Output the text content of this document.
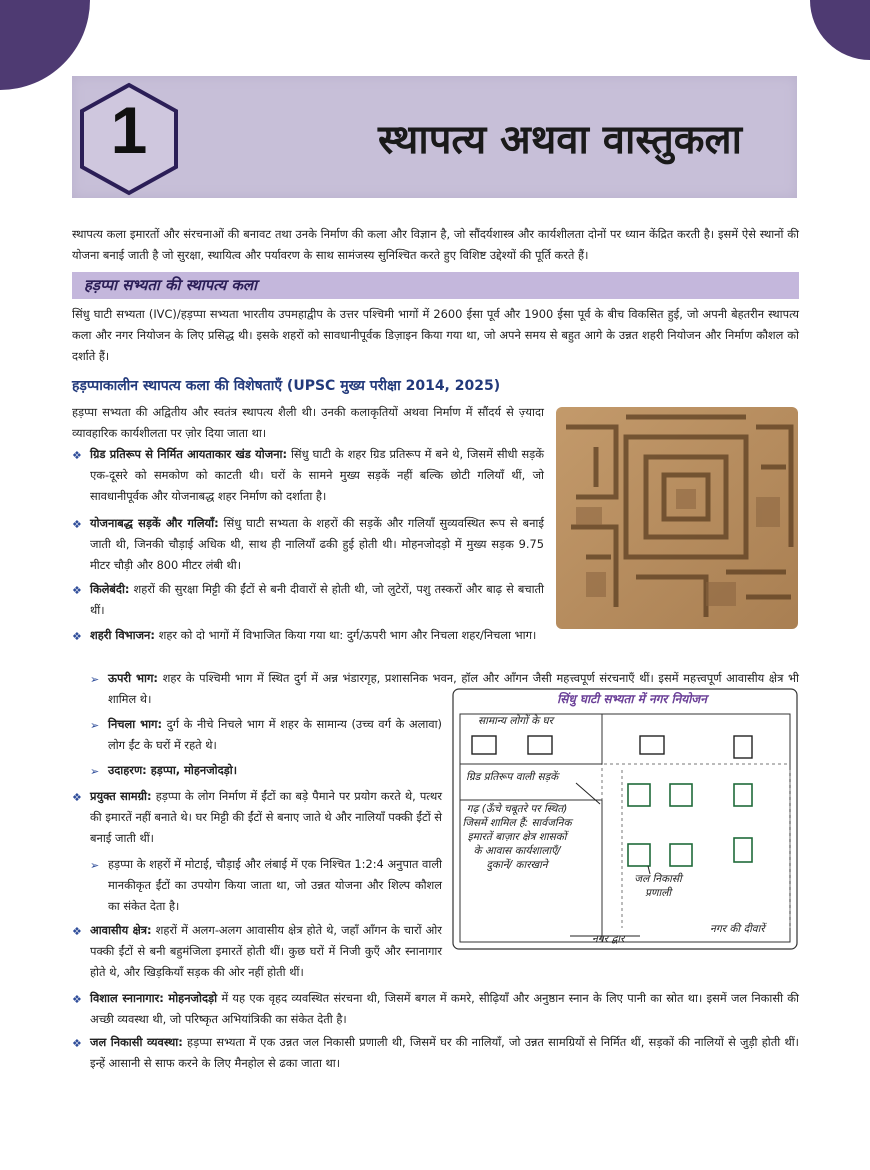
1	स्थापत्य अथवा वास्तुकला
स्थापत्य कला इमारतों और संरचनाओं की बनावट तथा उनके निर्माण की कला और विज्ञान है, जो सौंदर्यशास्त्र और कार्यशीलता दोनों पर ध्यान केंद्रित करती है। इसमें ऐसे स्थानों की योजना बनाई जाती है जो सुरक्षा, स्थायित्व और पर्यावरण के साथ सामंजस्य सुनिश्चित करते हुए विशिष्ट उद्देश्यों की पूर्ति करते हैं।
हड़प्पा सभ्यता की स्थापत्य कला
सिंधु घाटी सभ्यता (IVC)/हड़प्पा सभ्यता भारतीय उपमहाद्वीप के उत्तर पश्चिमी भागों में 2600 ईसा पूर्व और 1900 ईसा पूर्व के बीच विकसित हुई, जो अपनी बेहतरीन स्थापत्य कला और नगर नियोजन के लिए प्रसिद्ध थी। इसके शहरों को सावधानीपूर्वक डिज़ाइन किया गया था, जो अपने समय से बहुत आगे के उन्नत शहरी नियोजन और निर्माण कौशल को दर्शाते हैं।
हड़प्पाकालीन स्थापत्य कला की विशेषताएँ (UPSC मुख्य परीक्षा 2014, 2025)
हड़प्पा सभ्यता की अद्वितीय और स्वतंत्र स्थापत्य शैली थी। उनकी कलाकृतियों अथवा निर्माण में सौंदर्य से ज़्यादा व्यावहारिक कार्यशीलता पर ज़ोर दिया जाता था।
❖ ग्रिड प्रतिरूप से निर्मित आयताकार खंड योजना: सिंधु घाटी के शहर ग्रिड प्रतिरूप में बने थे, जिसमें सीधी सड़कें एक-दूसरे को समकोण को काटती थी। घरों के सामने मुख्य सड़कें नहीं बल्कि छोटी गलियाँ थीं, जो सावधानीपूर्वक और योजनाबद्ध शहर निर्माण को दर्शाता है।
❖ योजनाबद्ध सड़कें और गलियाँ: सिंधु घाटी सभ्यता के शहरों की सड़कें और गलियाँ सुव्यवस्थित रूप से बनाई जाती थी, जिनकी चौड़ाई अधिक थी, साथ ही नालियाँ ढकी हुई होती थी। मोहनजोदड़ो में मुख्य सड़क 9.75 मीटर चौड़ी और 800 मीटर लंबी थी।
❖ किलेबंदी: शहरों की सुरक्षा मिट्टी की ईंटों से बनी दीवारों से होती थी, जो लुटेरों, पशु तस्करों और बाढ़ से बचाती थीं।
❖ शहरी विभाजन: शहर को दो भागों में विभाजित किया गया था: दुर्ग/ऊपरी भाग और निचला शहर/निचला भाग।
➢ ऊपरी भाग: शहर के पश्चिमी भाग में स्थित दुर्ग में अन्न भंडारगृह, प्रशासनिक भवन, हॉल और आँगन जैसी महत्त्वपूर्ण संरचनाएँ थीं। इसमें महत्त्वपूर्ण आवासीय क्षेत्र भी शामिल थे।
➢ निचला भाग: दुर्ग के नीचे निचले भाग में शहर के सामान्य (उच्च वर्ग के अलावा) लोग ईंट के घरों में रहते थे।
➢ उदाहरण: हड़प्पा, मोहनजोदड़ो।
❖ प्रयुक्त सामग्री: हड़प्पा के लोग निर्माण में ईंटों का बड़े पैमाने पर प्रयोग करते थे, पत्थर की इमारतें नहीं बनाते थे। घर मिट्टी की ईंटों से बनाए जाते थे और नालियाँ पक्की ईंटों से बनाई जाती थीं।
➢ हड़प्पा के शहरों में मोटाई, चौड़ाई और लंबाई में एक निश्चित 1:2:4 अनुपात वाली मानकीकृत ईंटों का उपयोग किया जाता था, जो उन्नत योजना और शिल्प कौशल का संकेत देता है।
❖ आवासीय क्षेत्र: शहरों में अलग-अलग आवासीय क्षेत्र होते थे, जहाँ आँगन के चारों ओर पक्की ईंटों से बनी बहुमंजिला इमारतें होती थीं। कुछ घरों में निजी कुएँ और स्नानागार होते थे, और खिड़कियाँ सड़क की ओर नहीं होती थीं।
❖ विशाल स्नानागार: मोहनजोदड़ो में यह एक वृहद व्यवस्थित संरचना थी, जिसमें बगल में कमरे, सीढ़ियाँ और अनुष्ठान स्नान के लिए पानी का स्रोत था। इसमें जल निकासी की अच्छी व्यवस्था थी, जो परिष्कृत अभियांत्रिकी का संकेत देती है।
❖ जल निकासी व्यवस्था: हड़प्पा सभ्यता में एक उन्नत जल निकासी प्रणाली थी, जिसमें घर की नालियाँ, जो उन्नत सामग्रियों से निर्मित थीं, सड़कों की नालियों से जुड़ी होती थीं। इन्हें आसानी से साफ करने के लिए मैनहोल से ढका जाता था।
सिंधु घाटी सभ्यता में नगर नियोजन
सामान्य लोगों के घर
ग्रिड प्रतिरूप वाली सड़कें
गढ़ (ऊँचे चबूतरे पर स्थित) जिसमें शामिल हैं: सार्वजनिक इमारतें बाज़ार क्षेत्र शासकों के आवास कार्यशालाएँ/दुकानें/ कारखाने
जल निकासी प्रणाली
नगर द्वार
नगर की दीवारें
